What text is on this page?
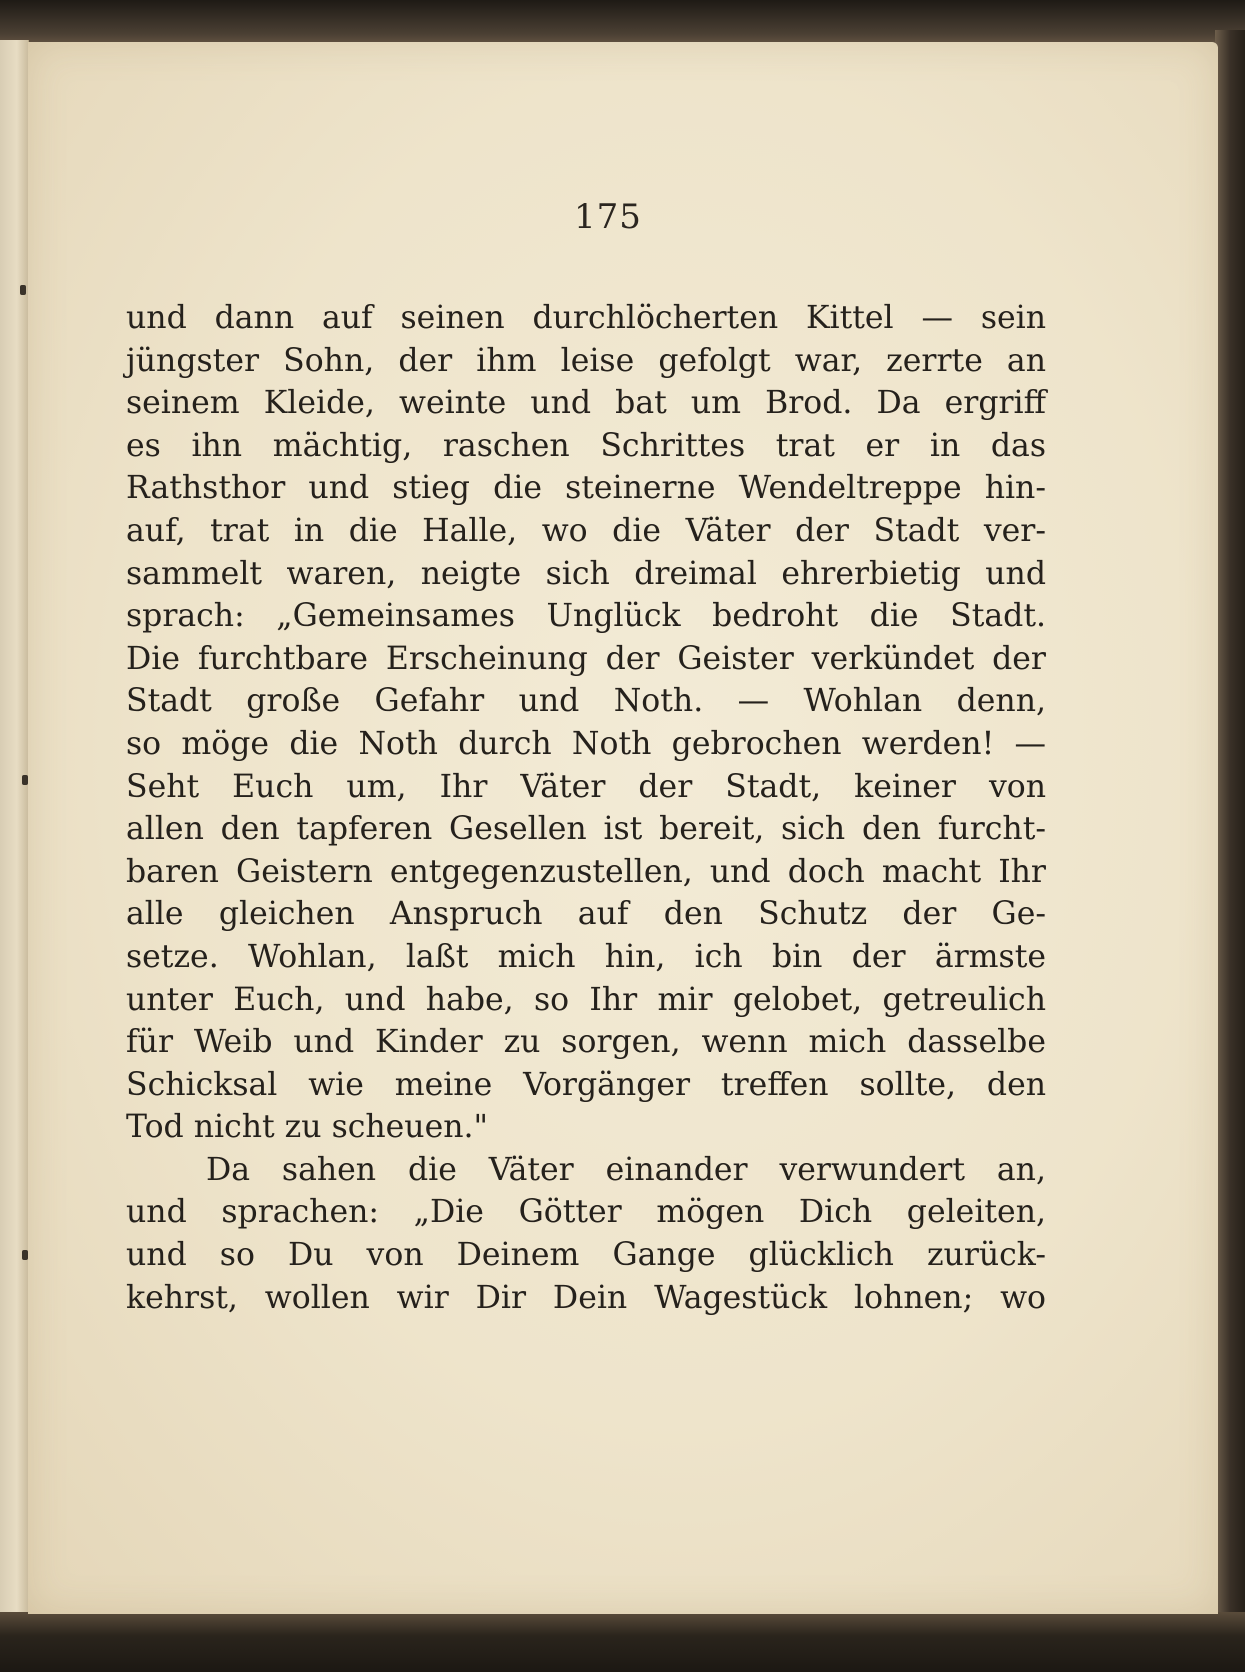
175
und dann auf seinen durchlöcherten Kittel — sein
jüngster Sohn, der ihm leise gefolgt war, zerrte an
seinem Kleide, weinte und bat um Brod. Da ergriff
es ihn mächtig, raschen Schrittes trat er in das
Rathsthor und stieg die steinerne Wendeltreppe hin-
auf, trat in die Halle, wo die Väter der Stadt ver-
sammelt waren, neigte sich dreimal ehrerbietig und
sprach: „Gemeinsames Unglück bedroht die Stadt.
Die furchtbare Erscheinung der Geister verkündet der
Stadt große Gefahr und Noth. — Wohlan denn,
so möge die Noth durch Noth gebrochen werden! —
Seht Euch um, Ihr Väter der Stadt, keiner von
allen den tapferen Gesellen ist bereit, sich den furcht-
baren Geistern entgegenzustellen, und doch macht Ihr
alle gleichen Anspruch auf den Schutz der Ge-
setze. Wohlan, laßt mich hin, ich bin der ärmste
unter Euch, und habe, so Ihr mir gelobet, getreulich
für Weib und Kinder zu sorgen, wenn mich dasselbe
Schicksal wie meine Vorgänger treffen sollte, den
Tod nicht zu scheuen."
Da sahen die Väter einander verwundert an,
und sprachen: „Die Götter mögen Dich geleiten,
und so Du von Deinem Gange glücklich zurück-
kehrst, wollen wir Dir Dein Wagestück lohnen; wo
